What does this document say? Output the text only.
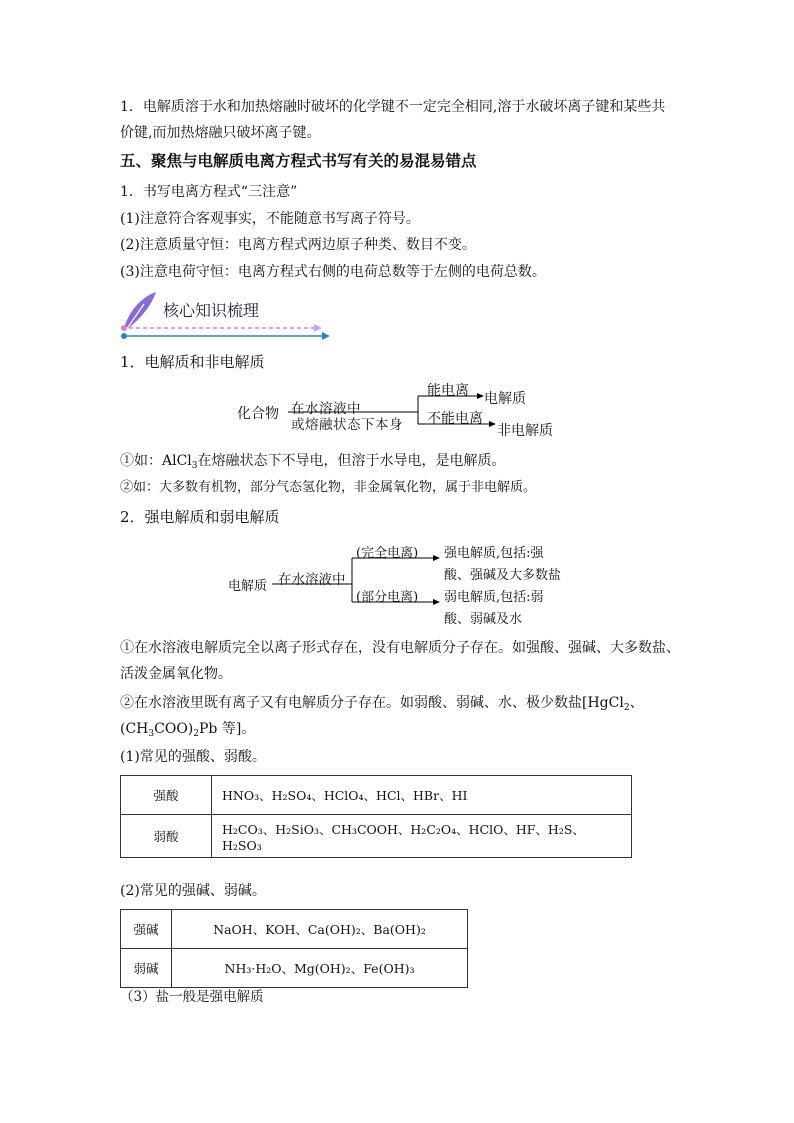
1．电解质溶于水和加热熔融时破坏的化学键不一定完全相同,溶于水破坏离子键和某些共
价键,而加热熔融只破坏离子键。
五、聚焦与电解质电离方程式书写有关的易混易错点
1．书写电离方程式“三注意”
(1)注意符合客观事实，不能随意书写离子符号。
(2)注意质量守恒：电离方程式两边原子种类、数目不变。
(3)注意电荷守恒：电离方程式右侧的电荷总数等于左侧的电荷总数。
核心知识梳理
1．电解质和非电解质
化合物 在水溶液中
或熔融状态下本身
能电离
不能电离
电解质
非电解质
①如：AlCl$_3$在熔融状态下不导电，但溶于水导电，是电解质。
②如：大多数有机物，部分气态氢化物，非金属氧化物，属于非电解质。
2．强电解质和弱电解质
电解质 在水溶液中
(完全电离)
(部分电离)
强电解质,包括:强
酸、强碱及大多数盐
弱电解质,包括:弱
酸、弱碱及水
①在水溶液电解质完全以离子形式存在，没有电解质分子存在。如强酸、强碱、大多数盐、
活泼金属氧化物。
②在水溶液里既有离子又有电解质分子存在。如弱酸、弱碱、水、极少数盐[HgCl$_2$、
$(CH_3COO)_2Pb$ 等]。
(1)常见的强酸、弱酸。
强酸	HNO₃、H₂SO₄、HClO₄、HCl、HBr、HI
弱酸	H₂CO₃、H₂SiO₃、CH₃COOH、H₂C₂O₄、HClO、HF、H₂S、H₂SO₃
(2)常见的强碱、弱碱。
强碱	NaOH、KOH、Ca(OH)₂、Ba(OH)₂
弱碱	NH₃·H₂O、Mg(OH)₂、Fe(OH)₃
（3）盐一般是强电解质
